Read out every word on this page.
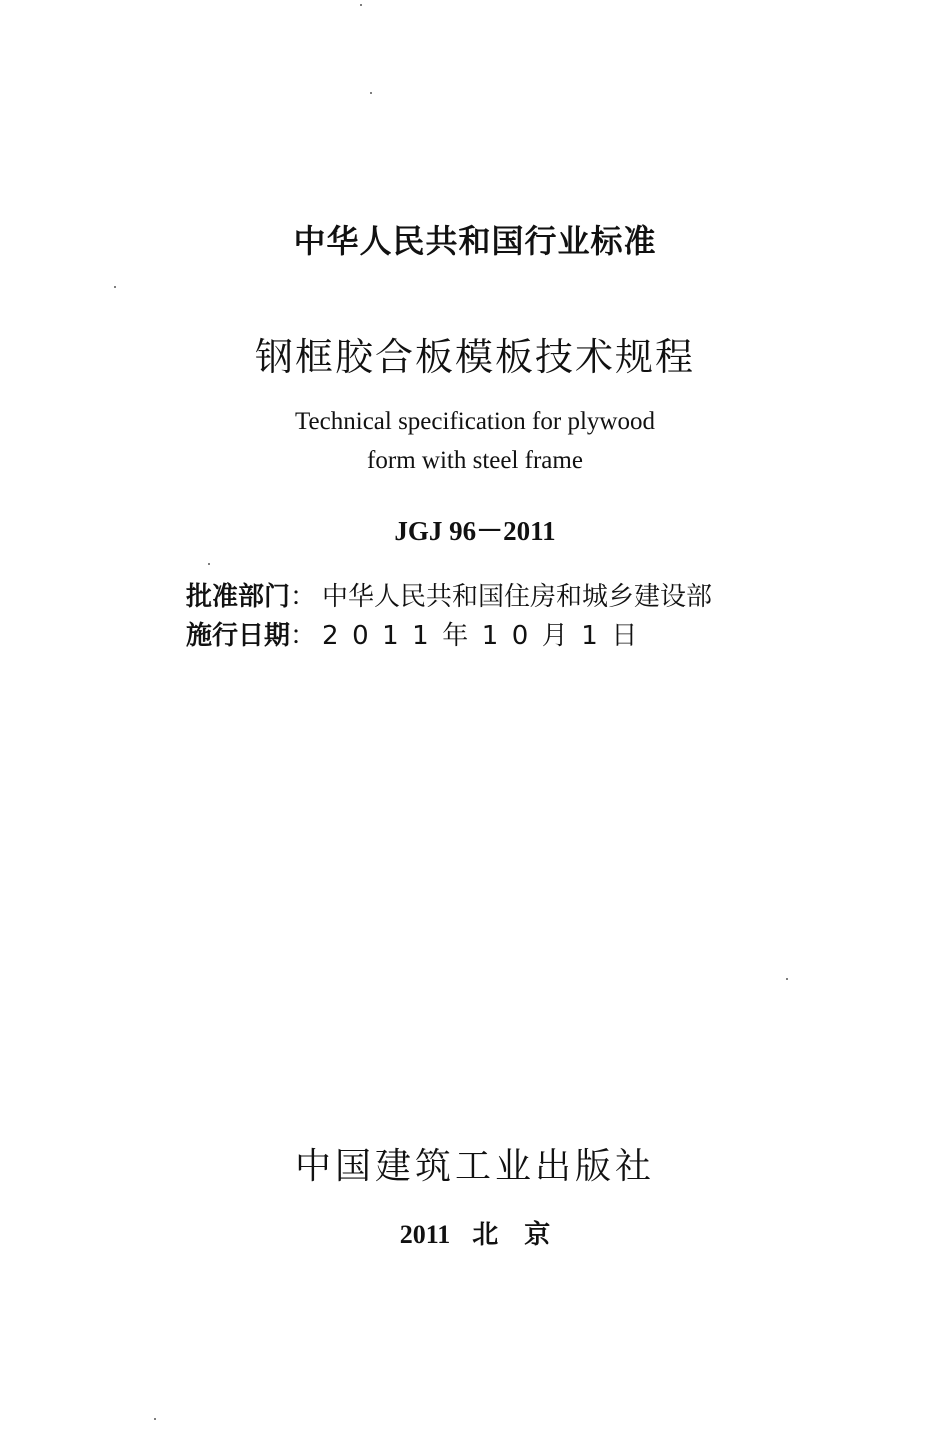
中华人民共和国行业标准
钢框胶合板模板技术规程
Technical specification for plywood
form with steel frame
JGJ 96－2011
批准部门 ： 中华人民共和国住房和城乡建设部
施行日期 ： 2011年10月1日
中国建筑工业出版社
2011 北　京
